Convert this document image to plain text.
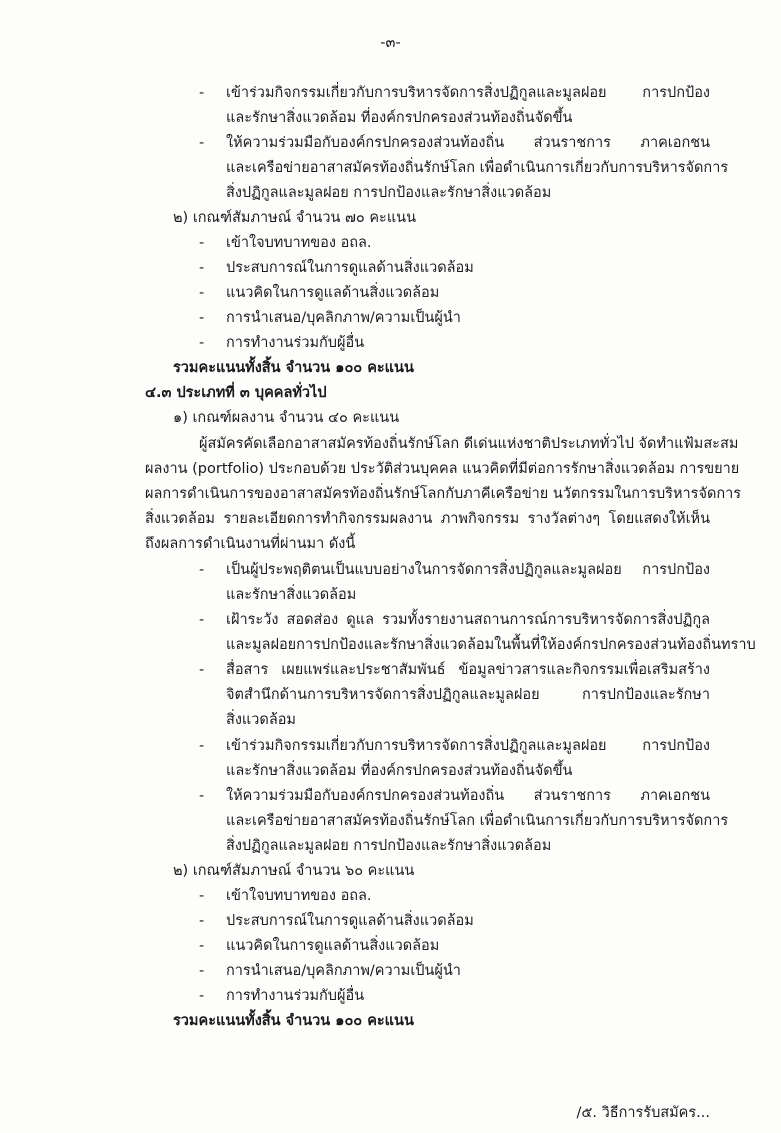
-๓-
- เข้าร่วมกิจกรรมเกี่ยวกับการบริหารจัดการสิ่งปฏิกูลและมูลฝอย การปกป้อง
และรักษาสิ่งแวดล้อม ที่องค์กรปกครองส่วนท้องถิ่นจัดขึ้น
- ให้ความร่วมมือกับองค์กรปกครองส่วนท้องถิ่น ส่วนราชการ ภาคเอกชน
และเครือข่ายอาสาสมัครท้องถิ่นรักษ์โลก เพื่อดำเนินการเกี่ยวกับการบริหารจัดการ
สิ่งปฏิกูลและมูลฝอย การปกป้องและรักษาสิ่งแวดล้อม
๒) เกณฑ์สัมภาษณ์ จำนวน ๗๐ คะแนน
- เข้าใจบทบาทของ อถล.
- ประสบการณ์ในการดูแลด้านสิ่งแวดล้อม
- แนวคิดในการดูแลด้านสิ่งแวดล้อม
- การนำเสนอ/บุคลิกภาพ/ความเป็นผู้นำ
- การทำงานร่วมกับผู้อื่น
รวมคะแนนทั้งสิ้น จำนวน ๑๐๐ คะแนน
๔.๓ ประเภทที่ ๓ บุคคลทั่วไป
๑) เกณฑ์ผลงาน จำนวน ๔๐ คะแนน
ผู้สมัครคัดเลือกอาสาสมัครท้องถิ่นรักษ์โลก ดีเด่นแห่งชาติประเภททั่วไป จัดทำแฟ้มสะสม
ผลงาน (portfolio) ประกอบด้วย ประวัติส่วนบุคคล แนวคิดที่มีต่อการรักษาสิ่งแวดล้อม การขยาย
ผลการดำเนินการของอาสาสมัครท้องถิ่นรักษ์โลกกับภาคีเครือข่าย นวัตกรรมในการบริหารจัดการ
สิ่งแวดล้อม รายละเอียดการทำกิจกรรมผลงาน ภาพกิจกรรม รางวัลต่างๆ โดยแสดงให้เห็น
ถึงผลการดำเนินงานที่ผ่านมา ดังนี้
- เป็นผู้ประพฤติตนเป็นแบบอย่างในการจัดการสิ่งปฏิกูลและมูลฝอย การปกป้อง
และรักษาสิ่งแวดล้อม
- เฝ้าระวัง สอดส่อง ดูแล รวมทั้งรายงานสถานการณ์การบริหารจัดการสิ่งปฏิกูล
และมูลฝอยการปกป้องและรักษาสิ่งแวดล้อมในพื้นที่ให้องค์กรปกครองส่วนท้องถิ่นทราบ
- สื่อสาร เผยแพร่และประชาสัมพันธ์ ข้อมูลข่าวสารและกิจกรรมเพื่อเสริมสร้าง
จิตสำนึกด้านการบริหารจัดการสิ่งปฏิกูลและมูลฝอย การปกป้องและรักษา
สิ่งแวดล้อม
- เข้าร่วมกิจกรรมเกี่ยวกับการบริหารจัดการสิ่งปฏิกูลและมูลฝอย การปกป้อง
และรักษาสิ่งแวดล้อม ที่องค์กรปกครองส่วนท้องถิ่นจัดขึ้น
- ให้ความร่วมมือกับองค์กรปกครองส่วนท้องถิ่น ส่วนราชการ ภาคเอกชน
และเครือข่ายอาสาสมัครท้องถิ่นรักษ์โลก เพื่อดำเนินการเกี่ยวกับการบริหารจัดการ
สิ่งปฏิกูลและมูลฝอย การปกป้องและรักษาสิ่งแวดล้อม
๒) เกณฑ์สัมภาษณ์ จำนวน ๖๐ คะแนน
- เข้าใจบทบาทของ อถล.
- ประสบการณ์ในการดูแลด้านสิ่งแวดล้อม
- แนวคิดในการดูแลด้านสิ่งแวดล้อม
- การนำเสนอ/บุคลิกภาพ/ความเป็นผู้นำ
- การทำงานร่วมกับผู้อื่น
รวมคะแนนทั้งสิ้น จำนวน ๑๐๐ คะแนน
/๕. วิธีการรับสมัคร...
